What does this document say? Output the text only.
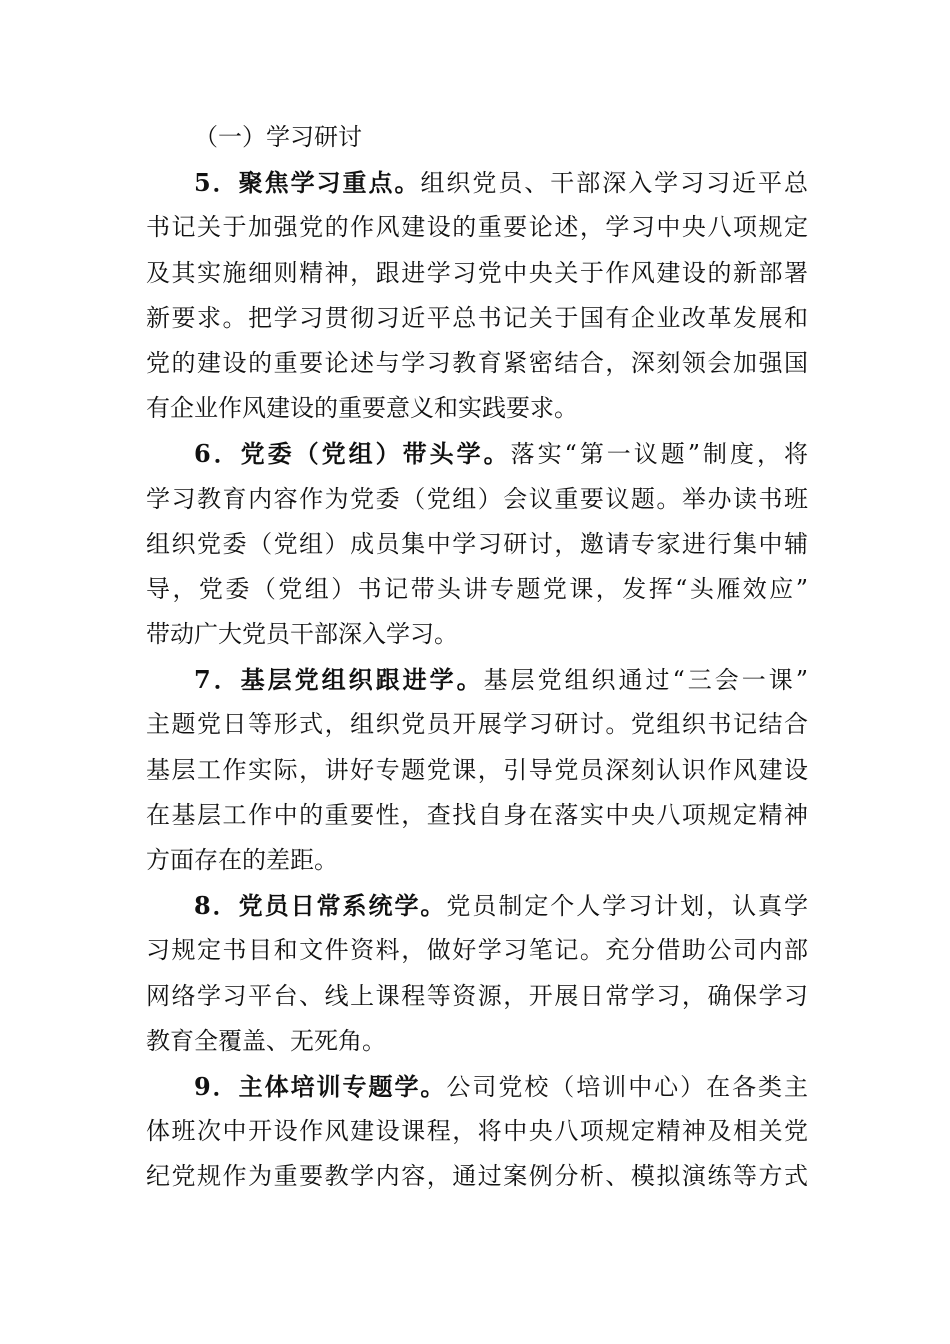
（一）学习研讨
5．聚焦学习重点。组织党员、干部深入学习习近平总
书记关于加强党的作风建设的重要论述，学习中央八项规定
及其实施细则精神，跟进学习党中央关于作风建设的新部署
新要求。把学习贯彻习近平总书记关于国有企业改革发展和
党的建设的重要论述与学习教育紧密结合，深刻领会加强国
有企业作风建设的重要意义和实践要求。
6．党委（党组）带头学。落实“第一议题”制度，将
学习教育内容作为党委（党组）会议重要议题。举办读书班
组织党委（党组）成员集中学习研讨，邀请专家进行集中辅
导，党委（党组）书记带头讲专题党课，发挥“头雁效应”
带动广大党员干部深入学习。
7．基层党组织跟进学。基层党组织通过“三会一课”
主题党日等形式，组织党员开展学习研讨。党组织书记结合
基层工作实际，讲好专题党课，引导党员深刻认识作风建设
在基层工作中的重要性，查找自身在落实中央八项规定精神
方面存在的差距。
8．党员日常系统学。党员制定个人学习计划，认真学
习规定书目和文件资料，做好学习笔记。充分借助公司内部
网络学习平台、线上课程等资源，开展日常学习，确保学习
教育全覆盖、无死角。
9．主体培训专题学。公司党校（培训中心）在各类主
体班次中开设作风建设课程，将中央八项规定精神及相关党
纪党规作为重要教学内容，通过案例分析、模拟演练等方式
